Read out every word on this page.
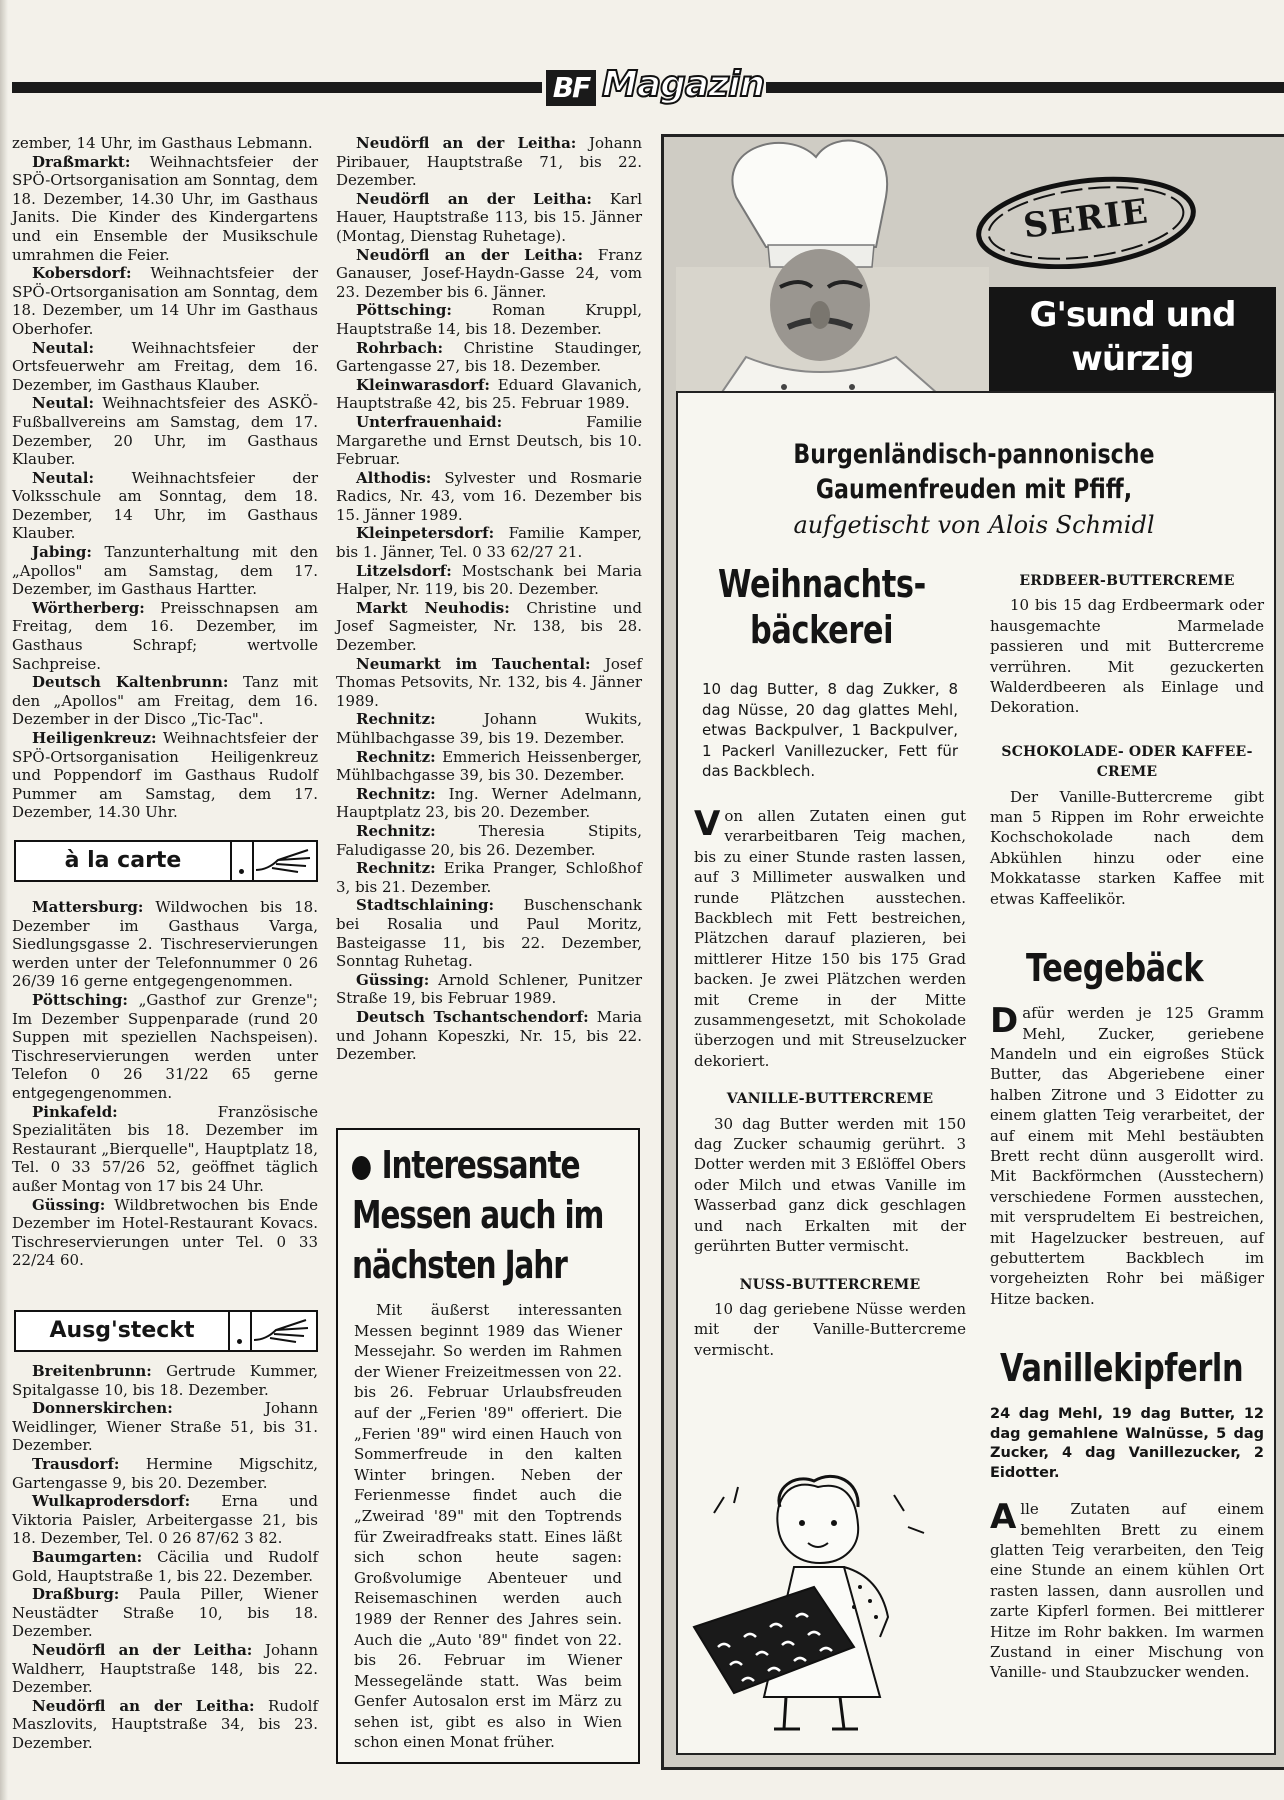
BF Magazin

zember, 14 Uhr, im Gasthaus Lebmann.

Draßmarkt: Weihnachtsfeier der SPÖ-Ortsorganisation am Sonntag, dem 18. Dezember, 14.30 Uhr, im Gasthaus Janits. Die Kinder des Kindergartens und ein Ensemble der Musikschule umrahmen die Feier.

Kobersdorf: Weihnachtsfeier der SPÖ-Ortsorganisation am Sonntag, dem 18. Dezember, um 14 Uhr im Gasthaus Oberhofer.

Neutal: Weihnachtsfeier der Ortsfeuerwehr am Freitag, dem 16. Dezember, im Gasthaus Klauber.

Neutal: Weihnachtsfeier des ASKÖ-Fußballvereins am Samstag, dem 17. Dezember, 20 Uhr, im Gasthaus Klauber.

Neutal: Weihnachtsfeier der Volksschule am Sonntag, dem 18. Dezember, 14 Uhr, im Gasthaus Klauber.

Jabing: Tanzunterhaltung mit den „Apollos" am Samstag, dem 17. Dezember, im Gasthaus Hartter.

Wörtherberg: Preisschnapsen am Freitag, dem 16. Dezember, im Gasthaus Schrapf; wertvolle Sachpreise.

Deutsch Kaltenbrunn: Tanz mit den „Apollos" am Freitag, dem 16. Dezember in der Disco „Tic-Tac".

Heiligenkreuz: Weihnachtsfeier der SPÖ-Ortsorganisation Heiligenkreuz und Poppendorf im Gasthaus Rudolf Pummer am Samstag, dem 17. Dezember, 14.30 Uhr.

à la carte

Mattersburg: Wildwochen bis 18. Dezember im Gasthaus Varga, Siedlungsgasse 2. Tischreservierungen werden unter der Telefonnummer 0 26 26/39 16 gerne entgegengenommen.

Pöttsching: „Gasthof zur Grenze"; Im Dezember Suppenparade (rund 20 Suppen mit speziellen Nachspeisen). Tischreservierungen werden unter Telefon 0 26 31/22 65 gerne entgegengenommen.

Pinkafeld: Französische Spezialitäten bis 18. Dezember im Restaurant „Bierquelle", Hauptplatz 18, Tel. 0 33 57/26 52, geöffnet täglich außer Montag von 17 bis 24 Uhr.

Güssing: Wildbretwochen bis Ende Dezember im Hotel-Restaurant Kovacs. Tischreservierungen unter Tel. 0 33 22/24 60.

Ausg'steckt

Breitenbrunn: Gertrude Kummer, Spitalgasse 10, bis 18. Dezember.

Donnerskirchen: Johann Weidlinger, Wiener Straße 51, bis 31. Dezember.

Trausdorf: Hermine Migschitz, Gartengasse 9, bis 20. Dezember.

Wulkaprodersdorf: Erna und Viktoria Paisler, Arbeitergasse 21, bis 18. Dezember, Tel. 0 26 87/62 3 82.

Baumgarten: Cäcilia und Rudolf Gold, Hauptstraße 1, bis 22. Dezember.

Draßburg: Paula Piller, Wiener Neustädter Straße 10, bis 18. Dezember.

Neudörfl an der Leitha: Johann Waldherr, Hauptstraße 148, bis 22. Dezember.

Neudörfl an der Leitha: Rudolf Maszlovits, Hauptstraße 34, bis 23. Dezember.

Neudörfl an der Leitha: Johann Piribauer, Hauptstraße 71, bis 22. Dezember.

Neudörfl an der Leitha: Karl Hauer, Hauptstraße 113, bis 15. Jänner (Montag, Dienstag Ruhetage).

Neudörfl an der Leitha: Franz Ganauser, Josef-Haydn-Gasse 24, vom 23. Dezember bis 6. Jänner.

Pöttsching: Roman Kruppl, Hauptstraße 14, bis 18. Dezember.

Rohrbach: Christine Staudinger, Gartengasse 27, bis 18. Dezember.

Kleinwarasdorf: Eduard Glavanich, Hauptstraße 42, bis 25. Februar 1989.

Unterfrauenhaid: Familie Margarethe und Ernst Deutsch, bis 10. Februar.

Althodis: Sylvester und Rosmarie Radics, Nr. 43, vom 16. Dezember bis 15. Jänner 1989.

Kleinpetersdorf: Familie Kamper, bis 1. Jänner, Tel. 0 33 62/27 21.

Litzelsdorf: Mostschank bei Maria Halper, Nr. 119, bis 20. Dezember.

Markt Neuhodis: Christine und Josef Sagmeister, Nr. 138, bis 28. Dezember.

Neumarkt im Tauchental: Josef Thomas Petsovits, Nr. 132, bis 4. Jänner 1989.

Rechnitz: Johann Wukits, Mühlbachgasse 39, bis 19. Dezember.

Rechnitz: Emmerich Heissenberger, Mühlbachgasse 39, bis 30. Dezember.

Rechnitz: Ing. Werner Adelmann, Hauptplatz 23, bis 20. Dezember.

Rechnitz: Theresia Stipits, Faludigasse 20, bis 26. Dezember.

Rechnitz: Erika Pranger, Schloßhof 3, bis 21. Dezember.

Stadtschlaining: Buschenschank bei Rosalia und Paul Moritz, Basteigasse 11, bis 22. Dezember, Sonntag Ruhetag.

Güssing: Arnold Schlener, Punitzer Straße 19, bis Februar 1989.

Deutsch Tschantschendorf: Maria und Johann Kopeszki, Nr. 15, bis 22. Dezember.

Interessante
Messen auch im
nächsten Jahr

Mit äußerst interessanten Messen beginnt 1989 das Wiener Messejahr. So werden im Rahmen der Wiener Freizeitmessen von 22. bis 26. Februar Urlaubsfreuden auf der „Ferien '89" offeriert. Die „Ferien '89" wird einen Hauch von Sommerfreude in den kalten Winter bringen. Neben der Ferienmesse findet auch die „Zweirad '89" mit den Toptrends für Zweiradfreaks statt. Eines läßt sich schon heute sagen: Großvolumige Abenteuer und Reisemaschinen werden auch 1989 der Renner des Jahres sein. Auch die „Auto '89" findet von 22. bis 26. Februar im Wiener Messegelände statt. Was beim Genfer Autosalon erst im März zu sehen ist, gibt es also in Wien schon einen Monat früher.

SERIE
G'sund und
würzig
Burgenländisch-pannonische
Gaumenfreuden mit Pfiff,
aufgetischt von Alois Schmidl
Weihnachts-
bäckerei

10 dag Butter, 8 dag Zukker, 8 dag Nüsse, 20 dag glattes Mehl, etwas Backpulver, 1 Backpulver, 1 Packerl Vanillezucker, Fett für das Backblech.

Von allen Zutaten einen gut verarbeitbaren Teig machen, bis zu einer Stunde rasten lassen, auf 3 Millimeter auswalken und runde Plätzchen ausstechen. Backblech mit Fett bestreichen, Plätzchen darauf plazieren, bei mittlerer Hitze 150 bis 175 Grad backen. Je zwei Plätzchen werden mit Creme in der Mitte zusammengesetzt, mit Schokolade überzogen und mit Streuselzucker dekoriert.

VANILLE-BUTTERCREME

30 dag Butter werden mit 150 dag Zucker schaumig gerührt. 3 Dotter werden mit 3 Eßlöffel Obers oder Milch und etwas Vanille im Wasserbad ganz dick geschlagen und nach Erkalten mit der gerührten Butter vermischt.

NUSS-BUTTERCREME

10 dag geriebene Nüsse werden mit der Vanille-Buttercreme vermischt.

ERDBEER-BUTTERCREME

10 bis 15 dag Erdbeermark oder hausgemachte Marmelade passieren und mit Buttercreme verrühren. Mit gezuckerten Walderdbeeren als Einlage und Dekoration.

SCHOKOLADE- ODER KAFFEE-CREME

Der Vanille-Buttercreme gibt man 5 Rippen im Rohr erweichte Kochschokolade nach dem Abkühlen hinzu oder eine Mokkatasse starken Kaffee mit etwas Kaffeelikör.

Teegebäck

Dafür werden je 125 Gramm Mehl, Zucker, geriebene Mandeln und ein eigroßes Stück Butter, das Abgeriebene einer halben Zitrone und 3 Eidotter zu einem glatten Teig verarbeitet, der auf einem mit Mehl bestäubten Brett recht dünn ausgerollt wird. Mit Backförmchen (Ausstechern) verschiedene Formen ausstechen, mit versprudeltem Ei bestreichen, mit Hagelzucker bestreuen, auf gebuttertem Backblech im vorgeheizten Rohr bei mäßiger Hitze backen.

Vanillekipferln

24 dag Mehl, 19 dag Butter, 12 dag gemahlene Walnüsse, 5 dag Zucker, 4 dag Vanillezucker, 2 Eidotter.

Alle Zutaten auf einem bemehlten Brett zu einem glatten Teig verarbeiten, den Teig eine Stunde an einem kühlen Ort rasten lassen, dann ausrollen und zarte Kipferl formen. Bei mittlerer Hitze im Rohr bakken. Im warmen Zustand in einer Mischung von Vanille- und Staubzucker wenden.
